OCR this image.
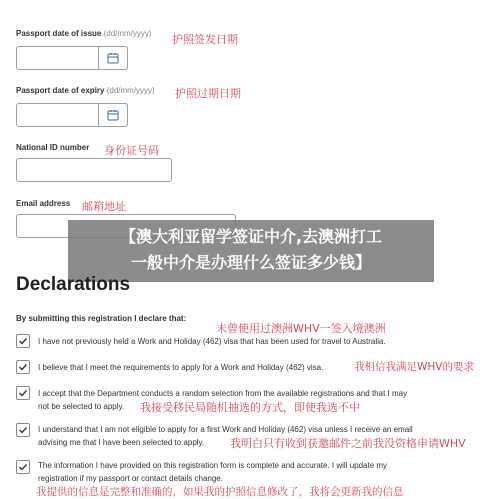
Passport date of issue (dd/mm/yyyy) 护照签发日期
Passport date of expiry (dd/mm/yyyy) 护照过期日期
National ID number 身份证号码
Email address 邮箱地址
【澳大利亚留学签证中介,去澳洲打工
一般中介是办理什么签证多少钱】
Declarations
By submitting this registration I declare that:
未曾使用过澳洲WHV一签入境澳洲
I have not previously held a Work and Holiday (462) visa that has been used for travel to Australia.
I believe that I meet the requirements to apply for a Work and Holiday (462) visa.	我相信我满足WHV的要求
I accept that the Department conducts a random selection from the available registrations and that I may
not be selected to apply.	我接受移民局随机抽选的方式，即使我选不中
I understand that I am not eligible to apply for a first Work and Holiday (462) visa unless I receive an email
advising me that I have been selected to apply.	我明白只有收到获邀邮件之前我没资格申请WHV
The information I have provided on this registration form is complete and accurate. I will update my
registration if my passport or contact details change.
我提供的信息是完整和准确的，如果我的护照信息修改了，我将会更新我的信息
